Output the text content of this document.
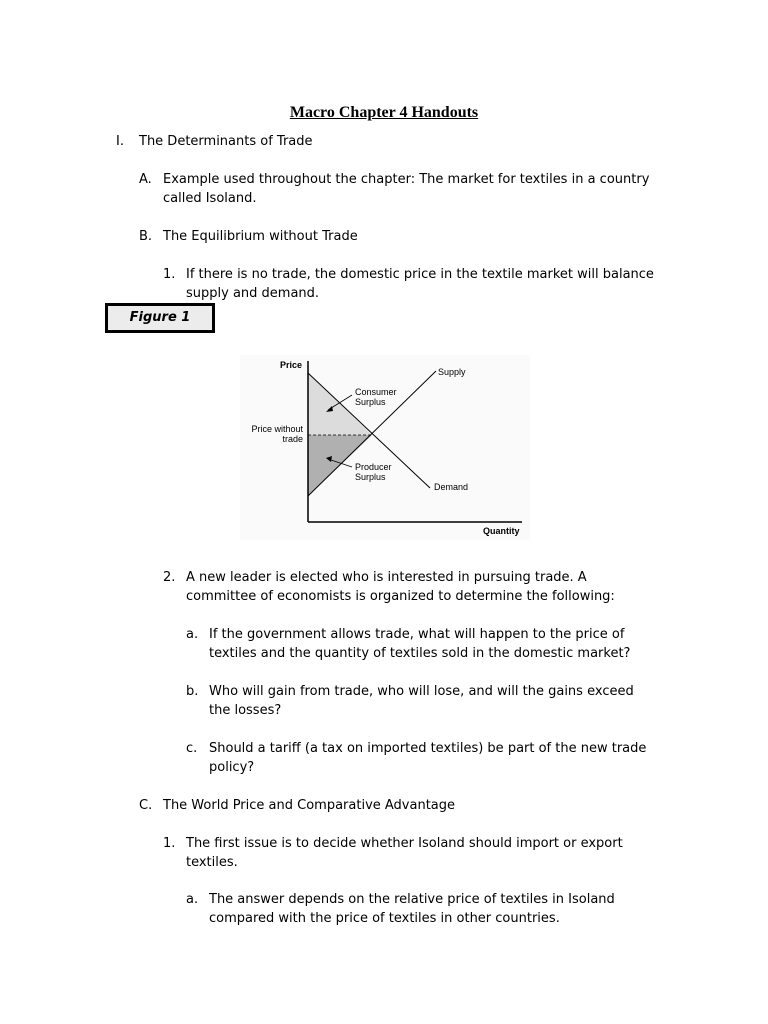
Macro Chapter 4 Handouts
I. The Determinants of Trade
A. Example used throughout the chapter: The market for textiles in a country
called Isoland.
B. The Equilibrium without Trade
1. If there is no trade, the domestic price in the textile market will balance
supply and demand.
Figure 1
Price
Quantity
Supply
Demand
Consumer
Surplus
Producer
Surplus
Price without
trade
2. A new leader is elected who is interested in pursuing trade. A
committee of economists is organized to determine the following:
a. If the government allows trade, what will happen to the price of
textiles and the quantity of textiles sold in the domestic market?
b. Who will gain from trade, who will lose, and will the gains exceed
the losses?
c. Should a tariff (a tax on imported textiles) be part of the new trade
policy?
C. The World Price and Comparative Advantage
1. The first issue is to decide whether Isoland should import or export
textiles.
a. The answer depends on the relative price of textiles in Isoland
compared with the price of textiles in other countries.
